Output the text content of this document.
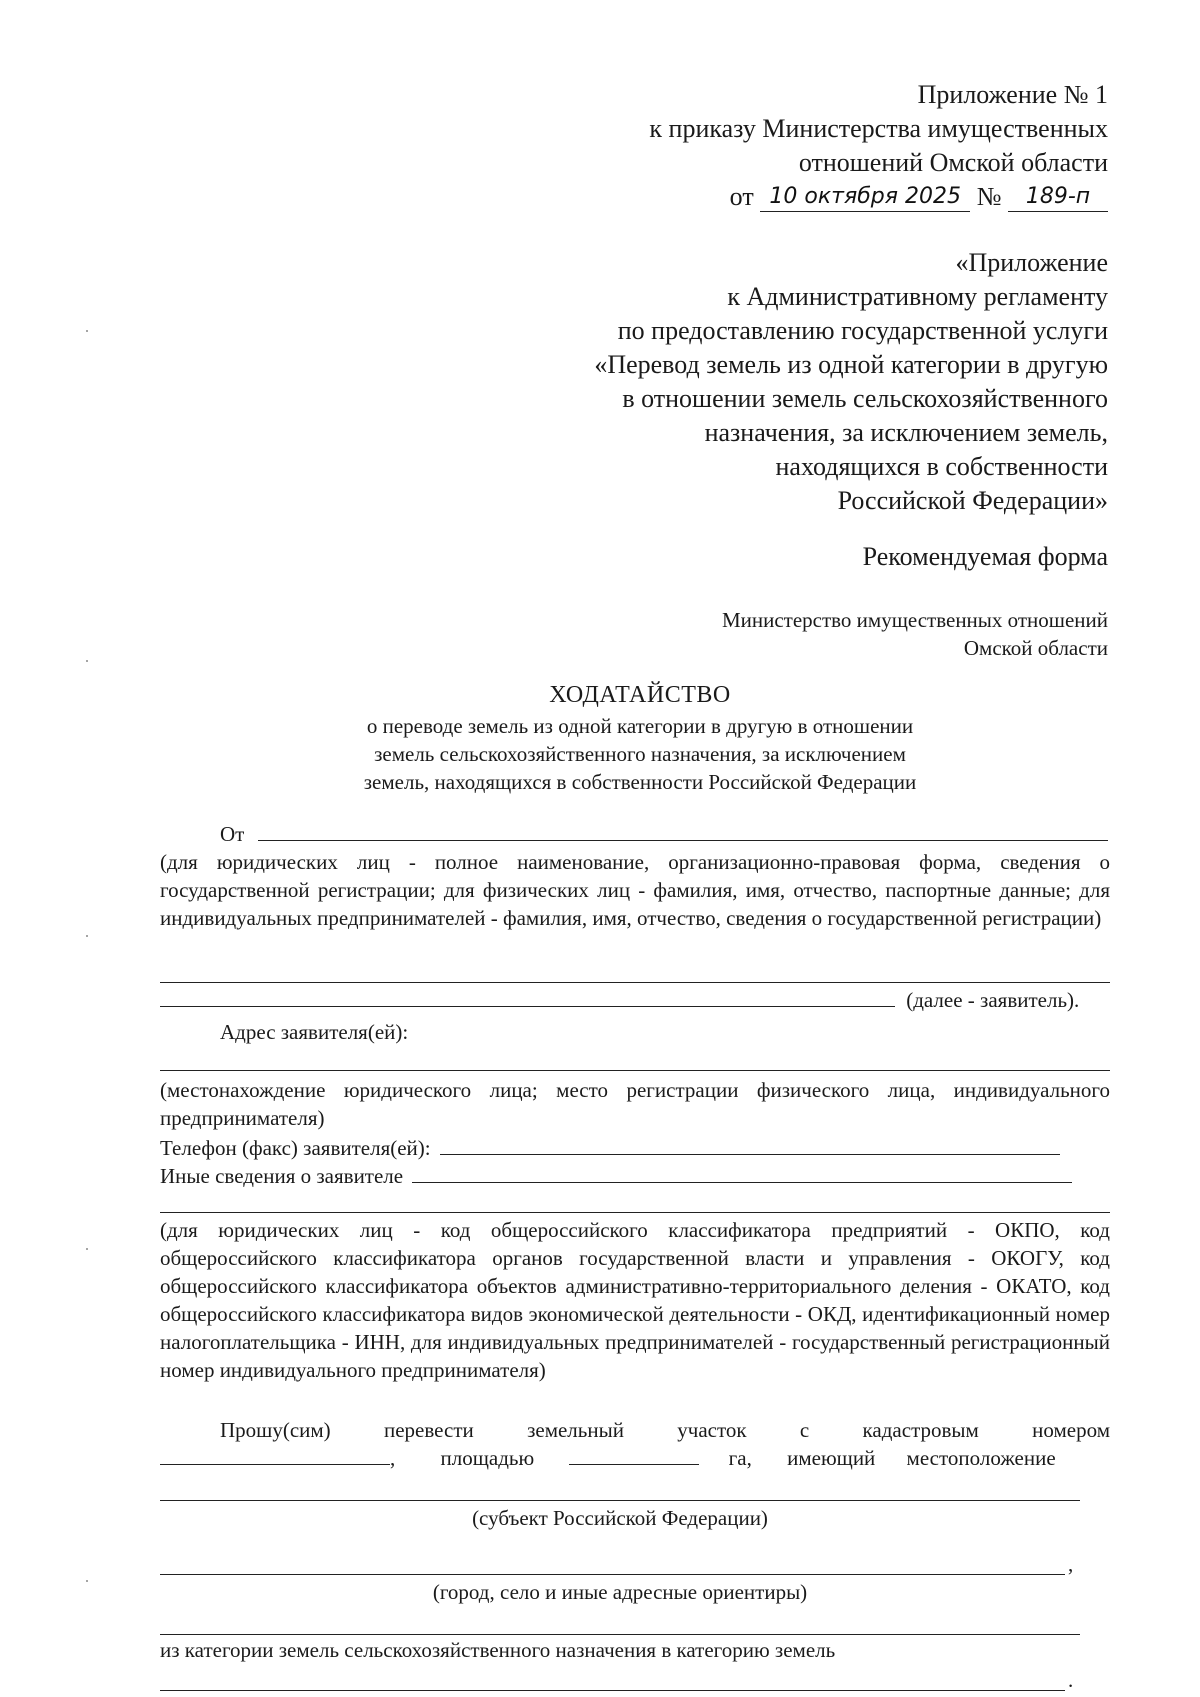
Приложение № 1
к приказу Министерства имущественных
отношений Омской области
от 10 октября 2025 № 189-п
«Приложение
к Административному регламенту
по предоставлению государственной услуги
«Перевод земель из одной категории в другую
в отношении земель сельскохозяйственного
назначения, за исключением земель,
находящихся в собственности
Российской Федерации»
Рекомендуемая форма
Министерство имущественных отношений
Омской области
ХОДАТАЙСТВО
о переводе земель из одной категории в другую в отношении
земель сельскохозяйственного назначения, за исключением
земель, находящихся в собственности Российской Федерации
От
(для юридических лиц - полное наименование, организационно-правовая форма, сведения о государственной регистрации; для физических лиц - фамилия, имя, отчество, паспортные данные; для индивидуальных предпринимателей - фамилия, имя, отчество, сведения о государственной регистрации)
(далее - заявитель).
Адрес заявителя(ей):
(местонахождение юридического лица; место регистрации физического лица, индивидуального предпринимателя)
Телефон (факс) заявителя(ей):
Иные сведения о заявителе
(для юридических лиц - код общероссийского классификатора предприятий - ОКПО, код общероссийского классификатора органов государственной власти и управления - ОКОГУ, код общероссийского классификатора объектов административно-территориального деления - ОКАТО, код общероссийского классификатора видов экономической деятельности - ОКД, идентификационный номер налогоплательщика - ИНН, для индивидуальных предпринимателей - государственный регистрационный номер индивидуального предпринимателя)
Прошу(сим) перевести земельный участок с кадастровым номером
, площадью	га, имеющий местоположение
(субъект Российской Федерации)
,
(город, село и иные адресные ориентиры)
из категории земель сельскохозяйственного назначения в категорию земель
.
